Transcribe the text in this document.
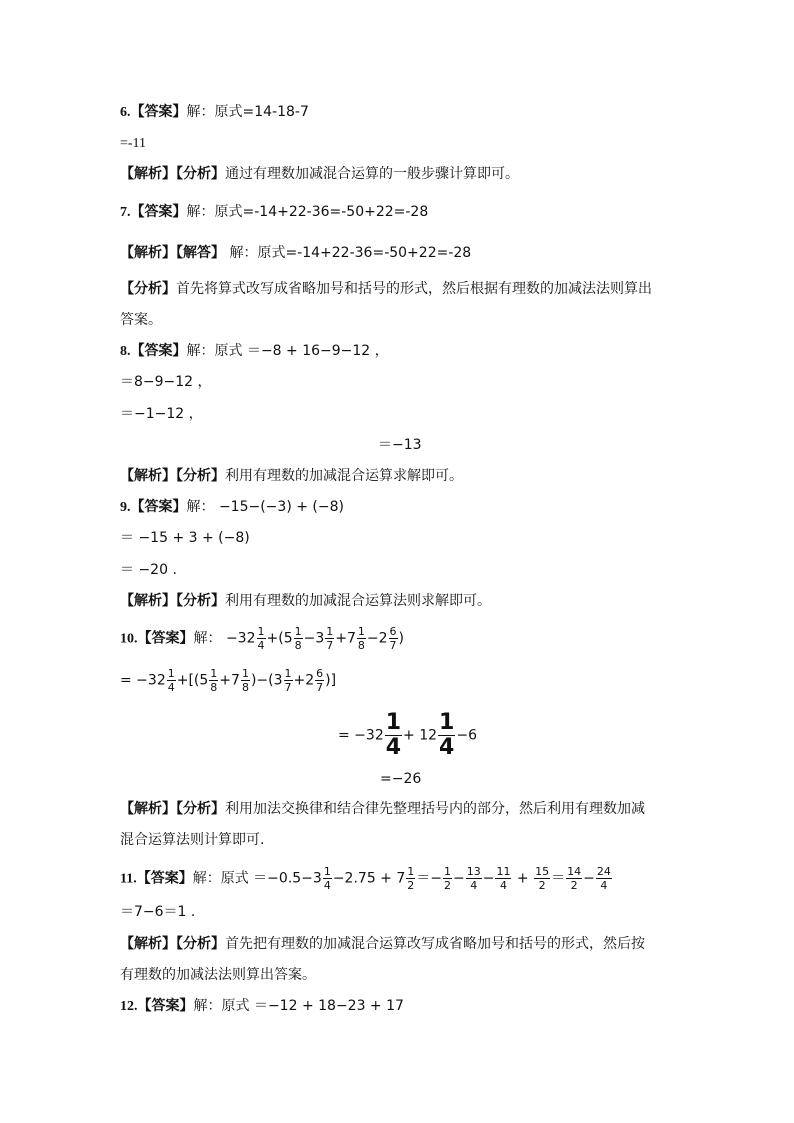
6.【答案】解：原式=14-18-7
=-11
【解析】【分析】通过有理数加减混合运算的一般步骤计算即可。
7.【答案】解：原式=-14+22-36=-50+22=-28
【解析】【解答】 解：原式=-14+22-36=-50+22=-28
【分析】首先将算式改写成省略加号和括号的形式，然后根据有理数的加减法法则算出
答案。
8.【答案】解：原式 ＝−8 + 16−9−12 ，
＝8−9−12 ，
＝−1−12 ，
＝−13
【解析】【分析】利用有理数的加减混合运算求解即可。
9.【答案】解： −15−(−3) + (−8)
＝ −15 + 3 + (−8)
＝ −20 .
【解析】【分析】利用有理数的加减混合运算法则求解即可。
10.【答案】解： $-32 \frac{1}{4} +(5 \frac{1}{8} -3 \frac{1}{7} +7 \frac{1}{8} -2 \frac{6}{7}$ )
= $-32 \frac{1}{4} +[(5 \frac{1}{8} +7 \frac{1}{8} )-(3 \frac{1}{7} +2 \frac{6}{7}$ )]
= $-32 \frac{1}{4} + 12 \frac{1}{4} -6$
=−26
【解析】【分析】利用加法交换律和结合律先整理括号内的部分，然后利用有理数加减
混合运算法则计算即可.
11.【答案】解：原式 $=-0.5-3 \frac{1}{4} -2.75 + 7 \frac{1}{2} =- \frac{1}{2} - \frac{13}{4} - \frac{11}{4} + \frac{15}{2} = \frac{14}{2} - \frac{24}{4}$
＝7−6＝1 .
【解析】【分析】首先把有理数的加减混合运算改写成省略加号和括号的形式，然后按
有理数的加减法法则算出答案。
12.【答案】解：原式 ＝−12 + 18−23 + 17
